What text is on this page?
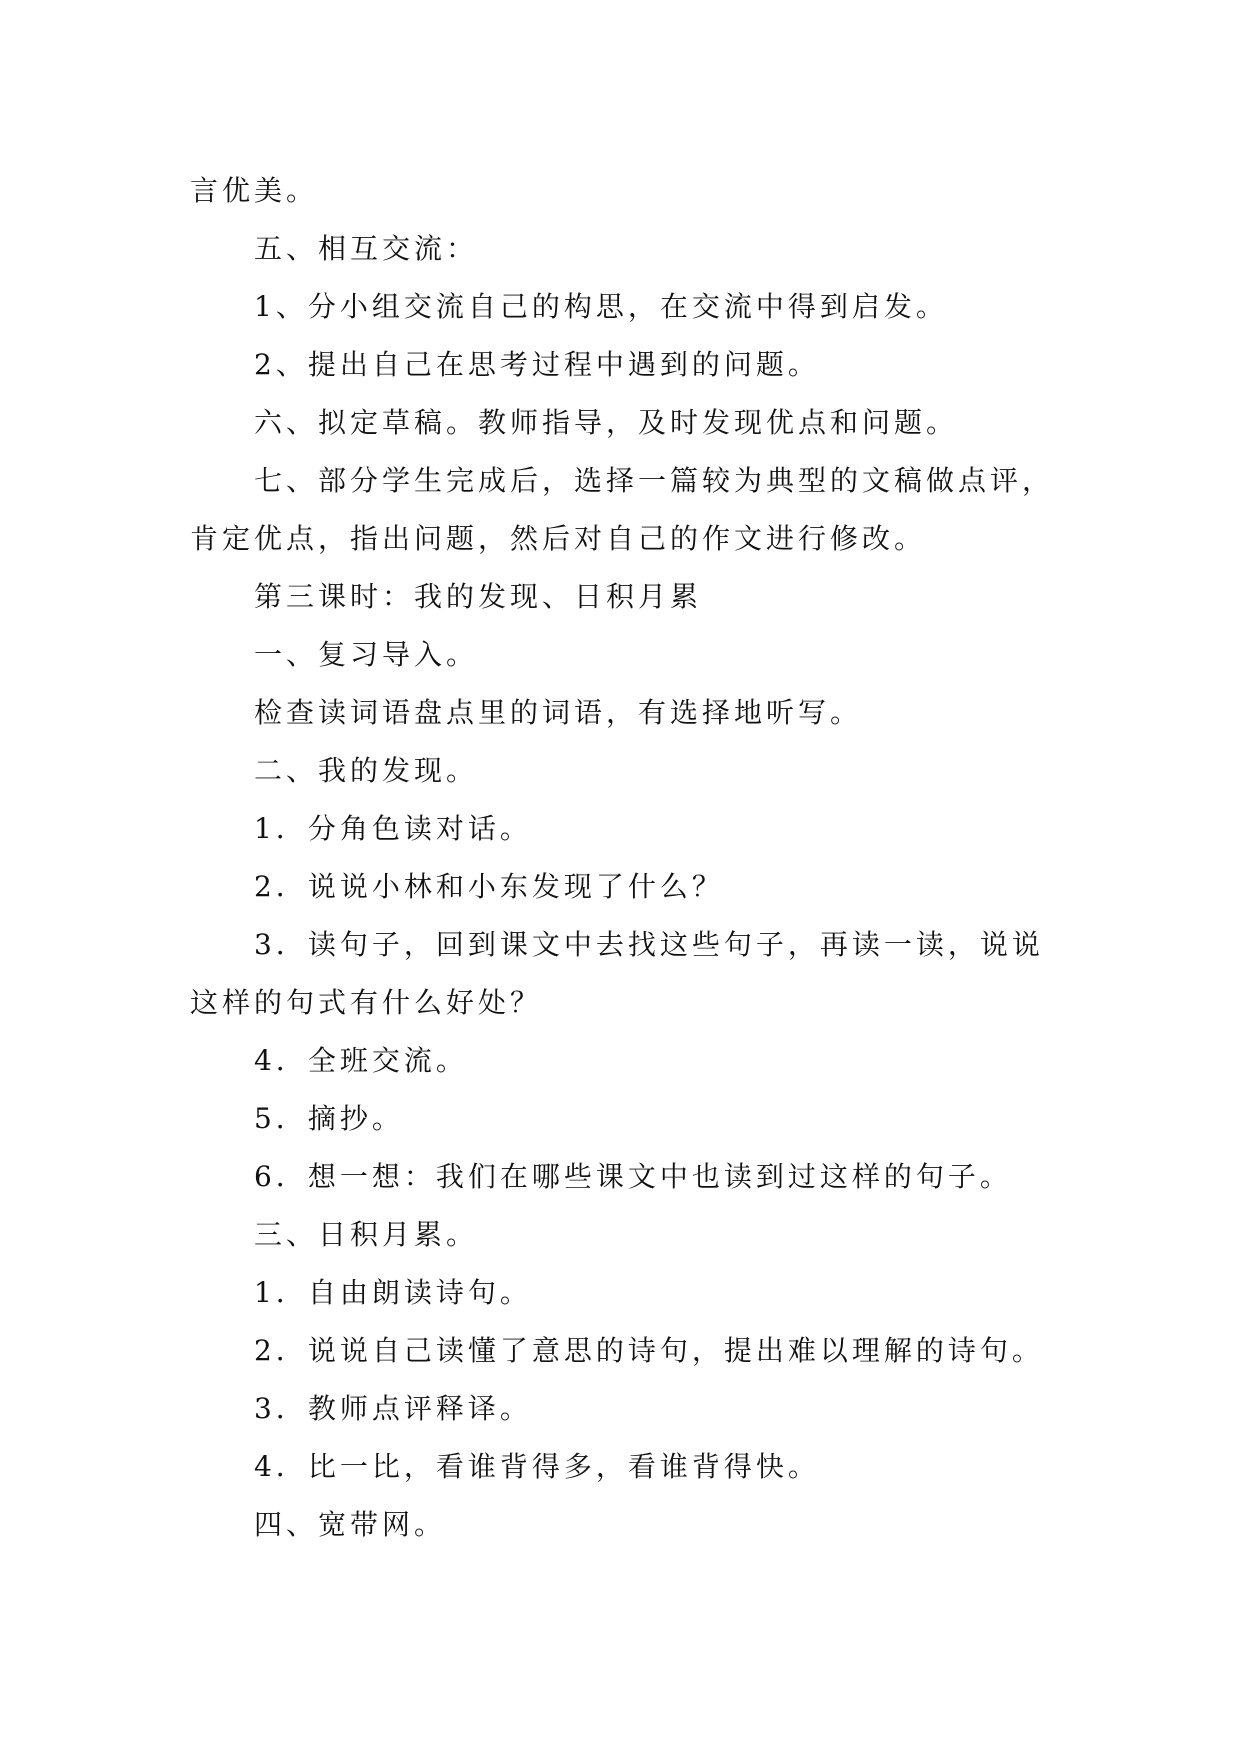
言优美。

五、相互交流：

1、分小组交流自己的构思，在交流中得到启发。

2、提出自己在思考过程中遇到的问题。

六、拟定草稿。教师指导，及时发现优点和问题。

七、部分学生完成后，选择一篇较为典型的文稿做点评，肯定优点，指出问题，然后对自己的作文进行修改。

第三课时：我的发现、日积月累

一、复习导入。

检查读词语盘点里的词语，有选择地听写。

二、我的发现。

1．分角色读对话。

2．说说小林和小东发现了什么？

3．读句子，回到课文中去找这些句子，再读一读，说说这样的句式有什么好处？

4．全班交流。

5．摘抄。

6．想一想：我们在哪些课文中也读到过这样的句子。

三、日积月累。

1．自由朗读诗句。

2．说说自己读懂了意思的诗句，提出难以理解的诗句。

3．教师点评释译。

4．比一比，看谁背得多，看谁背得快。

四、宽带网。
